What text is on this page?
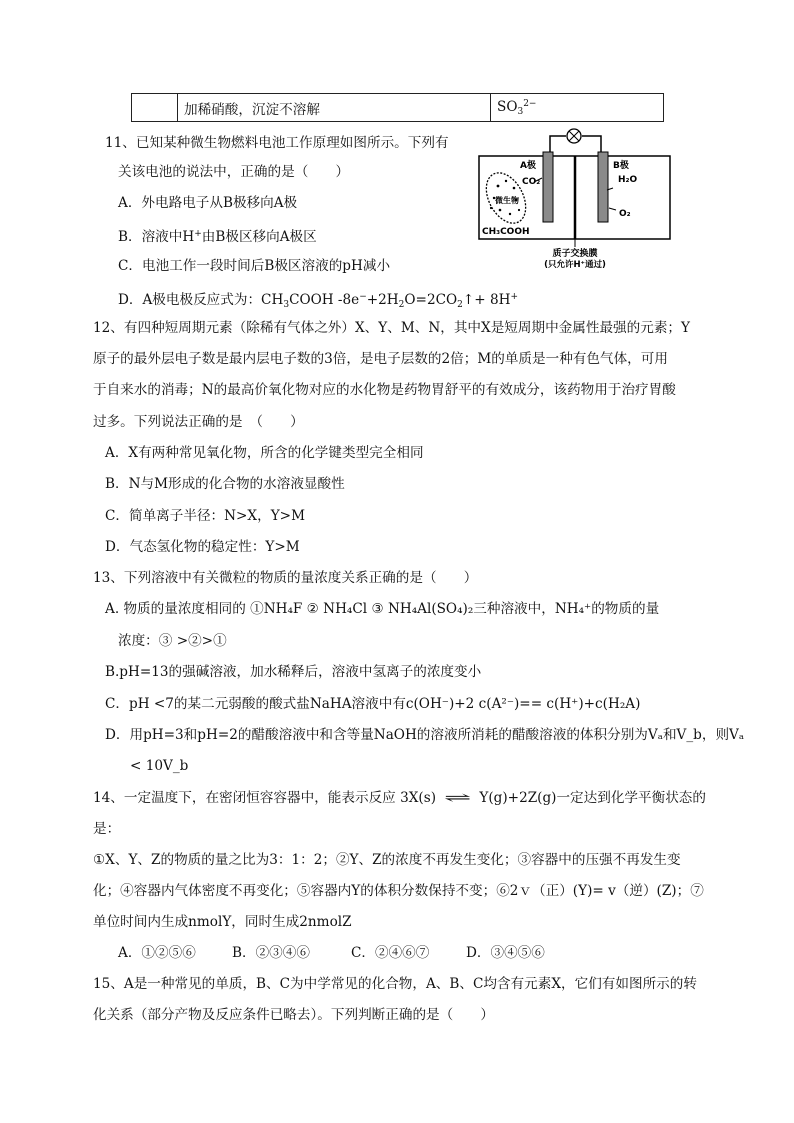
	加稀硝酸，沉淀不溶解	$SO_3^{2-}$
11、已知某种微生物燃料电池工作原理如图所示。下列有
关该电池的说法中，正确的是（　　）
A．外电路电子从B极移向A极
B．溶液中H+由B极区移向A极区
C．电池工作一段时间后B极区溶液的pH减小
D．A极电极反应式为：$CH_3COOH$ $-8e^-+2H_2O=2CO_2↑+ 8H^+$
A极	B极
CO₂	H₂O
O₂
微生物
CH₃COOH
质子交换膜
(只允许H⁺通过)
12、有四种短周期元素（除稀有气体之外）X、Y、M、N，其中X是短周期中金属性最强的元素；Y
原子的最外层电子数是最内层电子数的3倍，是电子层数的2倍；M的单质是一种有色气体，可用
于自来水的消毒；N的最高价氧化物对应的水化物是药物胃舒平的有效成分，该药物用于治疗胃酸
过多。下列说法正确的是　（　　）
A．X有两种常见氧化物，所含的化学键类型完全相同
B．N与M形成的化合物的水溶液显酸性
C．简单离子半径：N>X，Y>M
D．气态氢化物的稳定性：Y>M
13、下列溶液中有关微粒的物质的量浓度关系正确的是（　　）
A. 物质的量浓度相同的 ①NH₄F ② NH₄Cl ③ NH₄Al(SO₄)₂三种溶液中，NH₄⁺的物质的量
浓度：③ >②>①
B.pH=13的强碱溶液，加水稀释后，溶液中氢离子的浓度变小
C．pH <7的某二元弱酸的酸式盐NaHA溶液中有c(OH⁻)+2 c(A²⁻)== c(H⁺)+c(H₂A)
D．用pH=3和pH=2的醋酸溶液中和含等量NaOH的溶液所消耗的醋酸溶液的体积分别为Vₐ和V_b，则Vₐ
< 10V_b
14、一定温度下，在密闭恒容容器中，能表示反应 3X(s) ⇌ Y(g)+2Z(g)一定达到化学平衡状态的
是：
①X、Y、Z的物质的量之比为3：1：2；②Y、Z的浓度不再发生变化；③容器中的压强不再发生变
化；④容器内气体密度不再变化；⑤容器内Y的体积分数保持不变；⑥2ｖ（正）(Y)= v（逆）(Z)；⑦
单位时间内生成nmolY，同时生成2nmolZ
A．①②⑤⑥	B．②③④⑥	C．②④⑥⑦	D．③④⑤⑥
15、A是一种常见的单质，B、C为中学常见的化合物，A、B、C均含有元素X，它们有如图所示的转
化关系（部分产物及反应条件已略去）。下列判断正确的是（　　）
